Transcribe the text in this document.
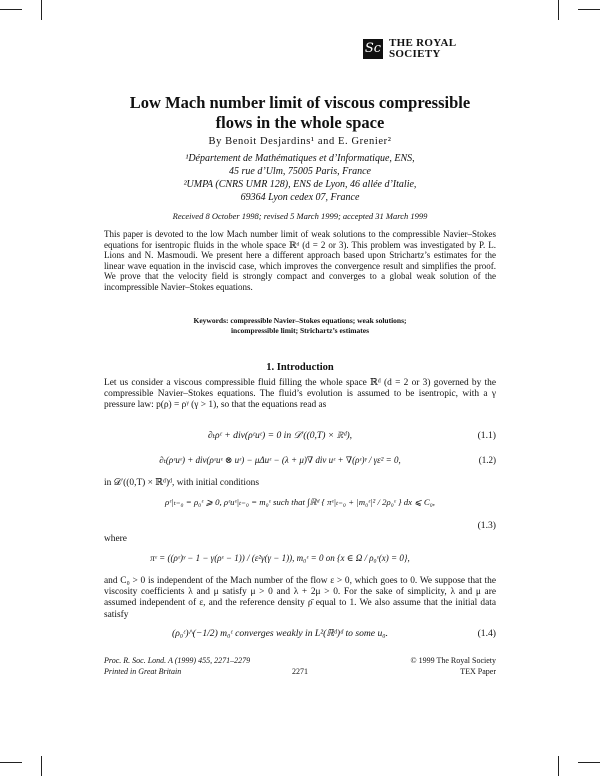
Sc THE ROYAL
SOCIETY
Low Mach number limit of viscous compressible
flows in the whole space
By Benoit Desjardins¹ and E. Grenier²
¹Département de Mathématiques et d’Informatique, ENS,
45 rue d’Ulm, 75005 Paris, France
²UMPA (CNRS UMR 128), ENS de Lyon, 46 allée d’Italie,
69364 Lyon cedex 07, France
Received 8 October 1998; revised 5 March 1999; accepted 31 March 1999
This paper is devoted to the low Mach number limit of weak solutions to the compressible Navier–Stokes equations for isentropic fluids in the whole space ℝᵈ (d = 2 or 3). This problem was investigated by P. L. Lions and N. Masmoudi. We present here a different approach based upon Strichartz’s estimates for the linear wave equation in the inviscid case, which improves the convergence result and simplifies the proof. We prove that the velocity field is strongly compact and converges to a global weak solution of the incompressible Navier–Stokes equations.
Keywords: compressible Navier–Stokes equations; weak solutions;
incompressible limit; Strichartz’s estimates
1. Introduction
Let us consider a viscous compressible fluid filling the whole space ℝᵈ (d = 2 or 3) governed by the compressible Navier–Stokes equations. The fluid’s evolution is assumed to be isentropic, with a γ pressure law: p(ρ) = ρᵞ (γ > 1), so that the equations read as
∂ₜρᵋ + div(ρᵋuᵋ) = 0 in 𝒟′((0,T) × ℝᵈ),	(1.1)
∂ₜ(ρᵋuᵋ) + div(ρᵋuᵋ ⊗ uᵋ) − μΔuᵋ − (λ + μ)∇ div uᵋ + ∇(ρᵋ)ᵞ / γε² = 0,	(1.2)
in 𝒟′((0,T) × ℝᵈ)ᵈ, with initial conditions
ρᵋ|ₜ₌₀ = ρ₀ᵋ ⩾ 0, ρᵋuᵋ|ₜ₌₀ = m₀ᵋ such that ∫ℝᵈ { πᵋ|ₜ₌₀ + |m₀ᵋ|² / 2ρ₀ᵋ } dx ⩽ C₀,
(1.3)
where
πᵋ = ((ρᵋ)ᵞ − 1 − γ(ρᵋ − 1)) / (ε²γ(γ − 1)), m₀ᵋ = 0 on {x ∈ Ω / ρ₀ᵋ(x) = 0},
and C₀ > 0 is independent of the Mach number of the flow ε > 0, which goes to 0. We suppose that the viscosity coefficients λ and μ satisfy μ > 0 and λ + 2μ > 0. For the sake of simplicity, λ and μ are assumed independent of ε, and the reference density ρ̄ equal to 1. We also assume that the initial data satisfy
(ρ₀ᵋ)^(−1/2) m₀ᵋ converges weakly in L²(ℝᵈ)ᵈ to some u₀.	(1.4)
Proc. R. Soc. Lond. A (1999) 455, 2271–2279
Printed in Great Britain	2271
© 1999 The Royal Society
TEX Paper
